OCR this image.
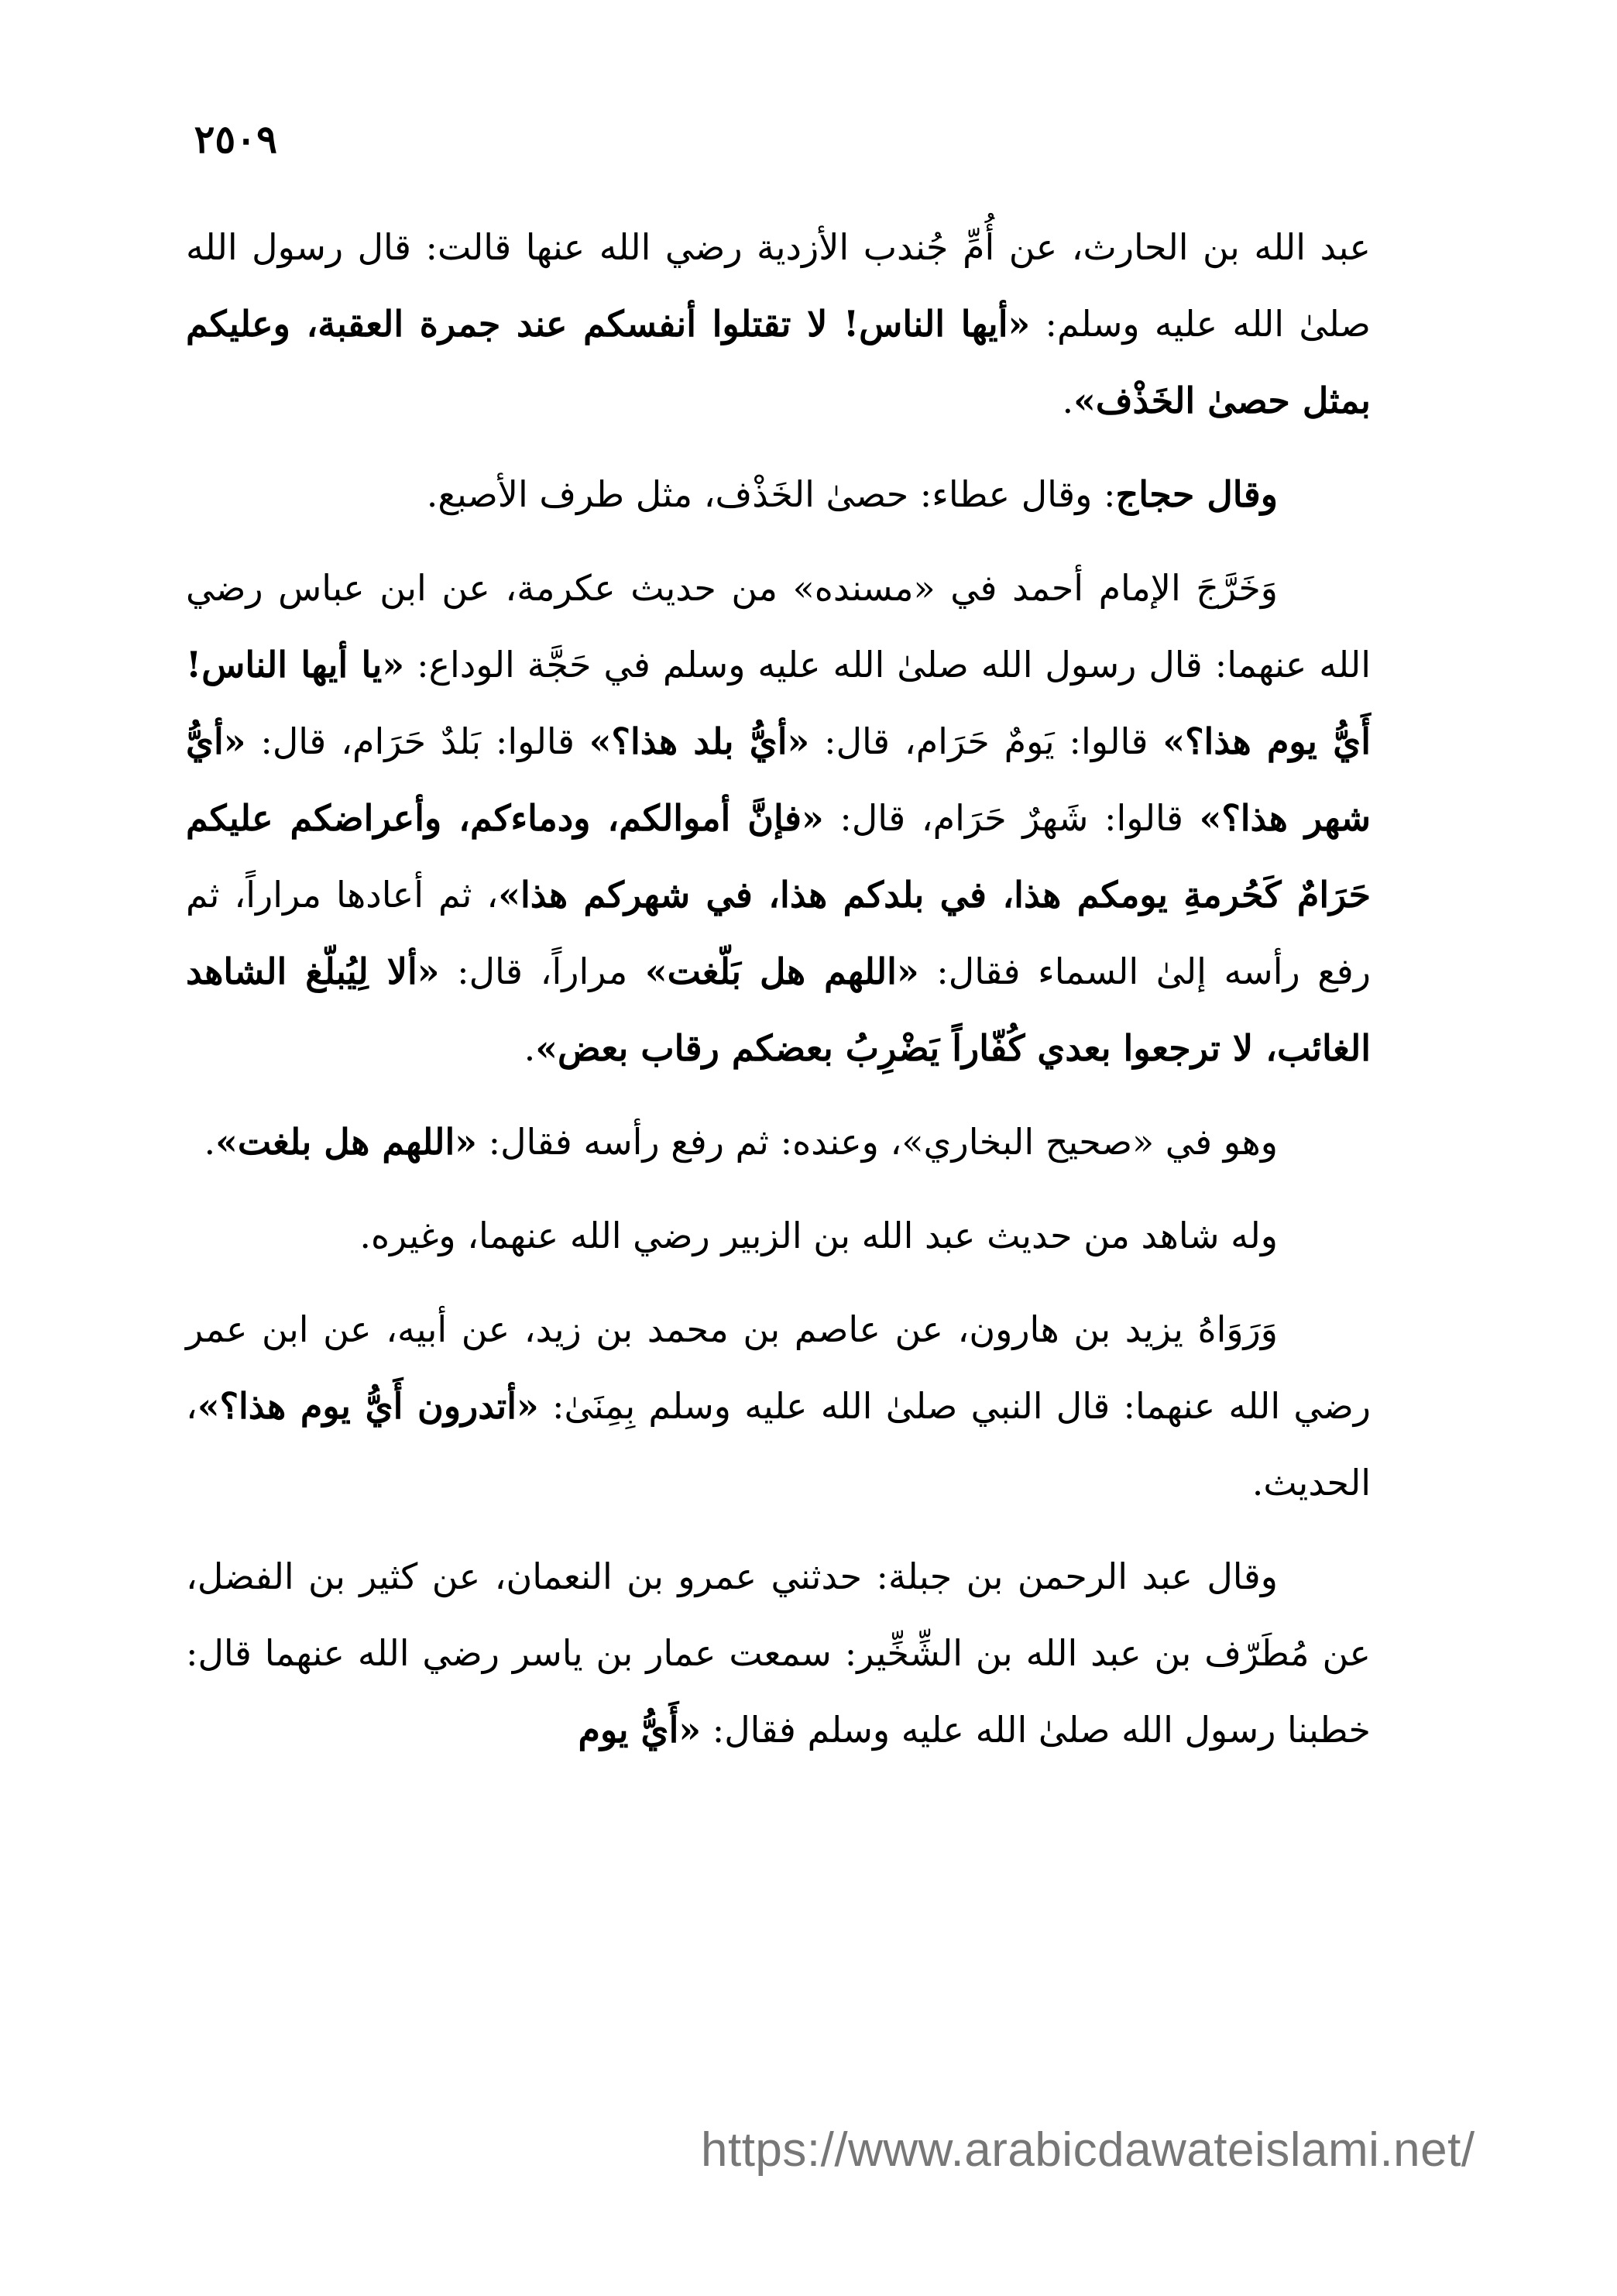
٢٥٠٩

عبد الله بن الحارث، عن أُمِّ جُندب الأزدية رضي الله عنها قالت: قال رسول الله صلىٰ الله عليه وسلم: «أيها الناس! لا تقتلوا أنفسكم عند جمرة العقبة، وعليكم بمثل حصىٰ الخَذْف».

وقال حجاج: وقال عطاء: حصىٰ الخَذْف، مثل طرف الأصبع.

وَخَرَّجَ الإمام أحمد في «مسنده» من حديث عكرمة، عن ابن عباس رضي الله عنهما: قال رسول الله صلىٰ الله عليه وسلم في حَجَّة الوداع: «يا أيها الناس! أَيُّ يوم هذا؟» قالوا: يَومٌ حَرَام، قال: «أيُّ بلد هذا؟» قالوا: بَلدٌ حَرَام، قال: «أيُّ شهر هذا؟» قالوا: شَهرٌ حَرَام، قال: «فإنَّ أموالكم، ودماءكم، وأعراضكم عليكم حَرَامٌ كَحُرمةِ يومكم هذا، في بلدكم هذا، في شهركم هذا»، ثم أعادها مراراً، ثم رفع رأسه إلىٰ السماء فقال: «اللهم هل بَلّغت» مراراً، قال: «ألا لِيُبلّغ الشاهد الغائب، لا ترجعوا بعدي كُفّاراً يَضْرِبُ بعضكم رقاب بعض».

وهو في «صحيح البخاري»، وعنده: ثم رفع رأسه فقال: «اللهم هل بلغت».

وله شاهد من حديث عبد الله بن الزبير رضي الله عنهما، وغيره.

وَرَوَاهُ يزيد بن هارون، عن عاصم بن محمد بن زيد، عن أبيه، عن ابن عمر رضي الله عنهما: قال النبي صلىٰ الله عليه وسلم بِمِنَىٰ: «أتدرون أَيُّ يوم هذا؟»، الحديث.

وقال عبد الرحمن بن جبلة: حدثني عمرو بن النعمان، عن كثير بن الفضل، عن مُطَرّف بن عبد الله بن الشِّخِّير: سمعت عمار بن ياسر رضي الله عنهما قال: خطبنا رسول الله صلىٰ الله عليه وسلم فقال: «أَيُّ يوم

https://www.arabicdawateislami.net/
